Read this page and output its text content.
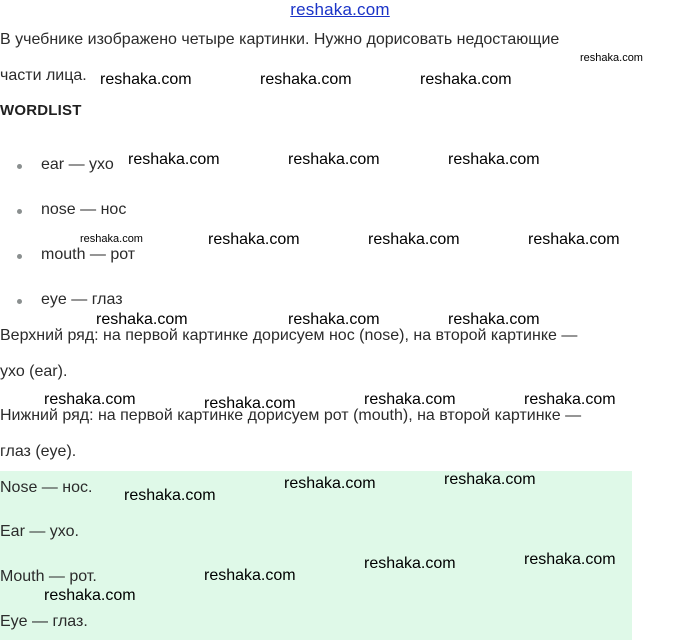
reshaka.com
В учебнике изображено четыре картинки. Нужно дорисовать недостающие
части лица.
WORDLIST
ear — ухо
nose — нос
mouth — рот
eye — глаз
Верхний ряд: на первой картинке дорисуем нос (nose), на второй картинке —
ухо (ear).
Нижний ряд: на первой картинке дорисуем рот (mouth), на второй картинке —
глаз (eye).
Nose — нос.
Ear — ухо.
Mouth — рот.
Eye — глаз.
reshaka.com
reshaka.com	reshaka.com	reshaka.com
reshaka.com	reshaka.com	reshaka.com
reshaka.com	reshaka.com	reshaka.com	reshaka.com
reshaka.com	reshaka.com	reshaka.com
reshaka.com	reshaka.com	reshaka.com	reshaka.com
reshaka.com
reshaka.com	reshaka.com
reshaka.com
reshaka.com	reshaka.com
reshaka.com
